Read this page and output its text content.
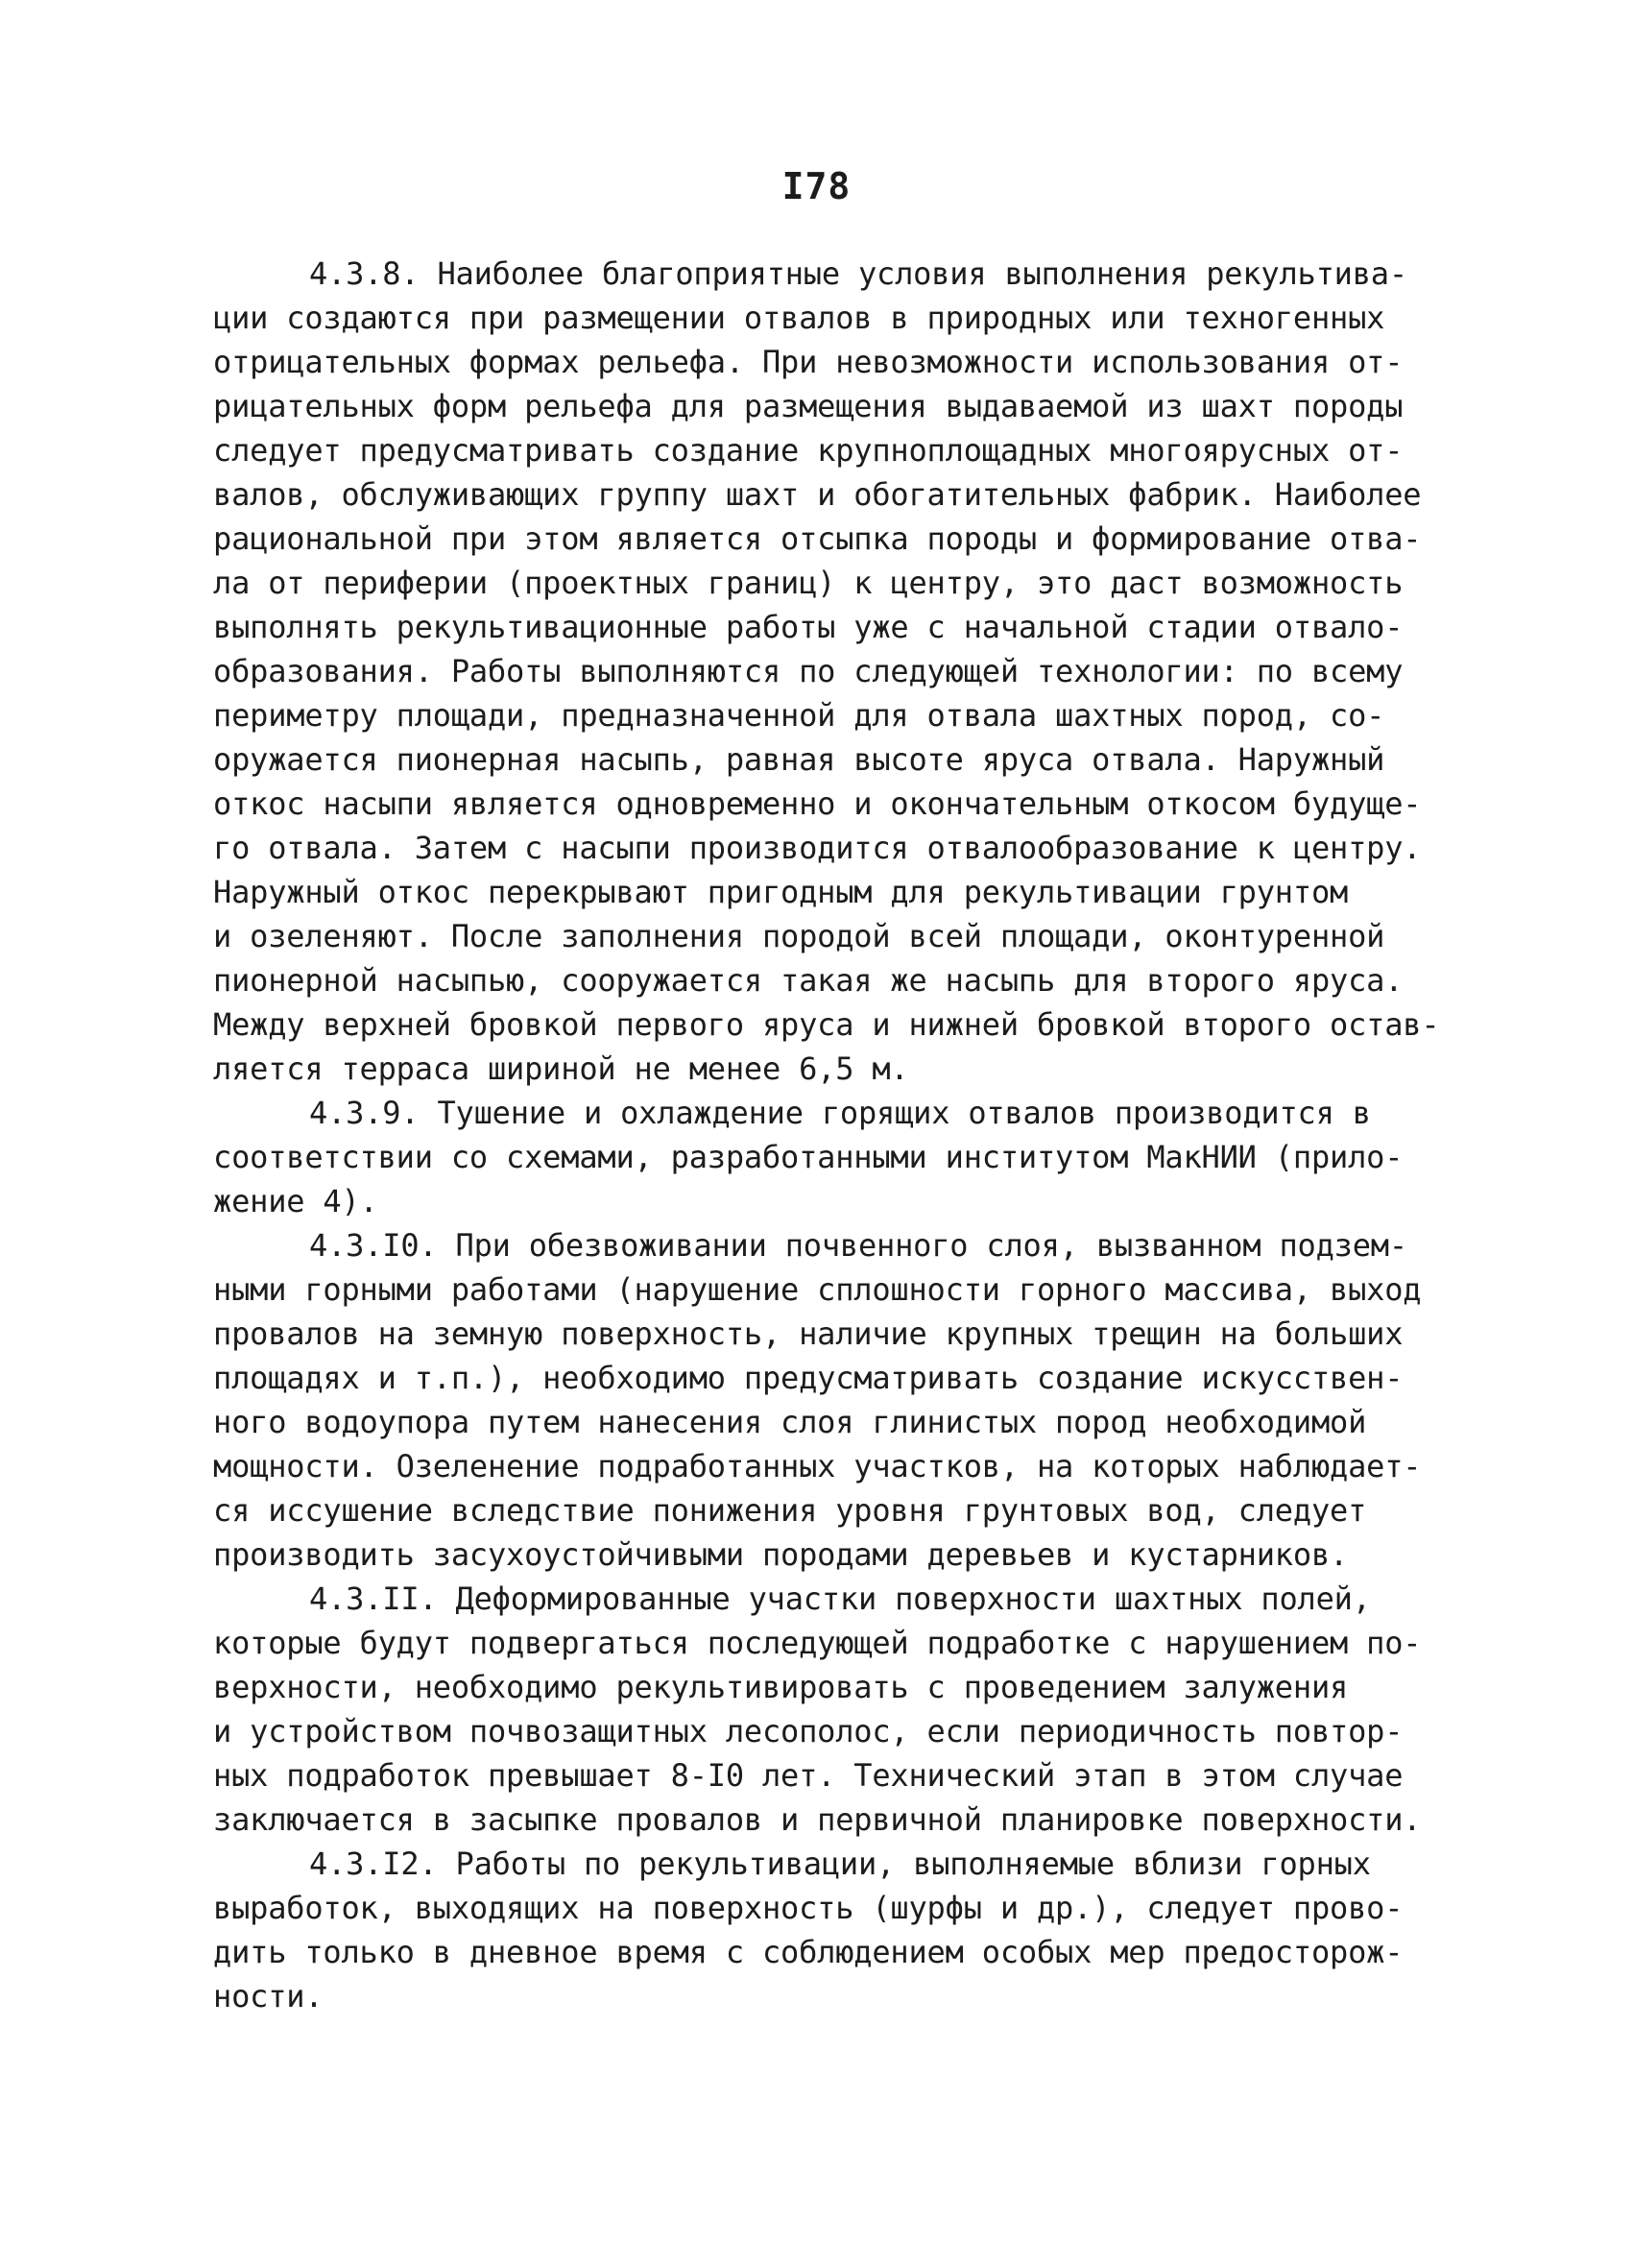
I78
4.3.8. Наиболее благоприятные условия выполнения рекультива-
ции создаются при размещении отвалов в природных или техногенных
отрицательных формах рельефа. При невозможности использования от-
рицательных форм рельефа для размещения выдаваемой из шахт породы
следует предусматривать создание крупноплощадных многоярусных от-
валов, обслуживающих группу шахт и обогатительных фабрик. Наиболее
рациональной при этом является отсыпка породы и формирование отва-
ла от периферии (проектных границ) к центру, это даст возможность
выполнять рекультивационные работы уже с начальной стадии отвало-
образования. Работы выполняются по следующей технологии: по всему
периметру площади, предназначенной для отвала шахтных пород, со-
оружается пионерная насыпь, равная высоте яруса отвала. Наружный
откос насыпи является одновременно и окончательным откосом будуще-
го отвала. Затем с насыпи производится отвалообразование к центру.
Наружный откос перекрывают пригодным для рекультивации грунтом
и озеленяют. После заполнения породой всей площади, оконтуренной
пионерной насыпью, сооружается такая же насыпь для второго яруса.
Между верхней бровкой первого яруса и нижней бровкой второго остав-
ляется терраса шириной не менее 6,5 м.
4.3.9. Тушение и охлаждение горящих отвалов производится в
соответствии со схемами, разработанными институтом МакНИИ (прило-
жение 4).
4.3.I0. При обезвоживании почвенного слоя, вызванном подзем-
ными горными работами (нарушение сплошности горного массива, выход
провалов на земную поверхность, наличие крупных трещин на больших
площадях и т.п.), необходимо предусматривать создание искусствен-
ного водоупора путем нанесения слоя глинистых пород необходимой
мощности. Озеленение подработанных участков, на которых наблюдает-
ся иссушение вследствие понижения уровня грунтовых вод, следует
производить засухоустойчивыми породами деревьев и кустарников.
4.3.II. Деформированные участки поверхности шахтных полей,
которые будут подвергаться последующей подработке с нарушением по-
верхности, необходимо рекультивировать с проведением залужения
и устройством почвозащитных лесополос, если периодичность повтор-
ных подработок превышает 8-I0 лет. Технический этап в этом случае
заключается в засыпке провалов и первичной планировке поверхности.
4.3.I2. Работы по рекультивации, выполняемые вблизи горных
выработок, выходящих на поверхность (шурфы и др.), следует прово-
дить только в дневное время с соблюдением особых мер предосторож-
ности.
